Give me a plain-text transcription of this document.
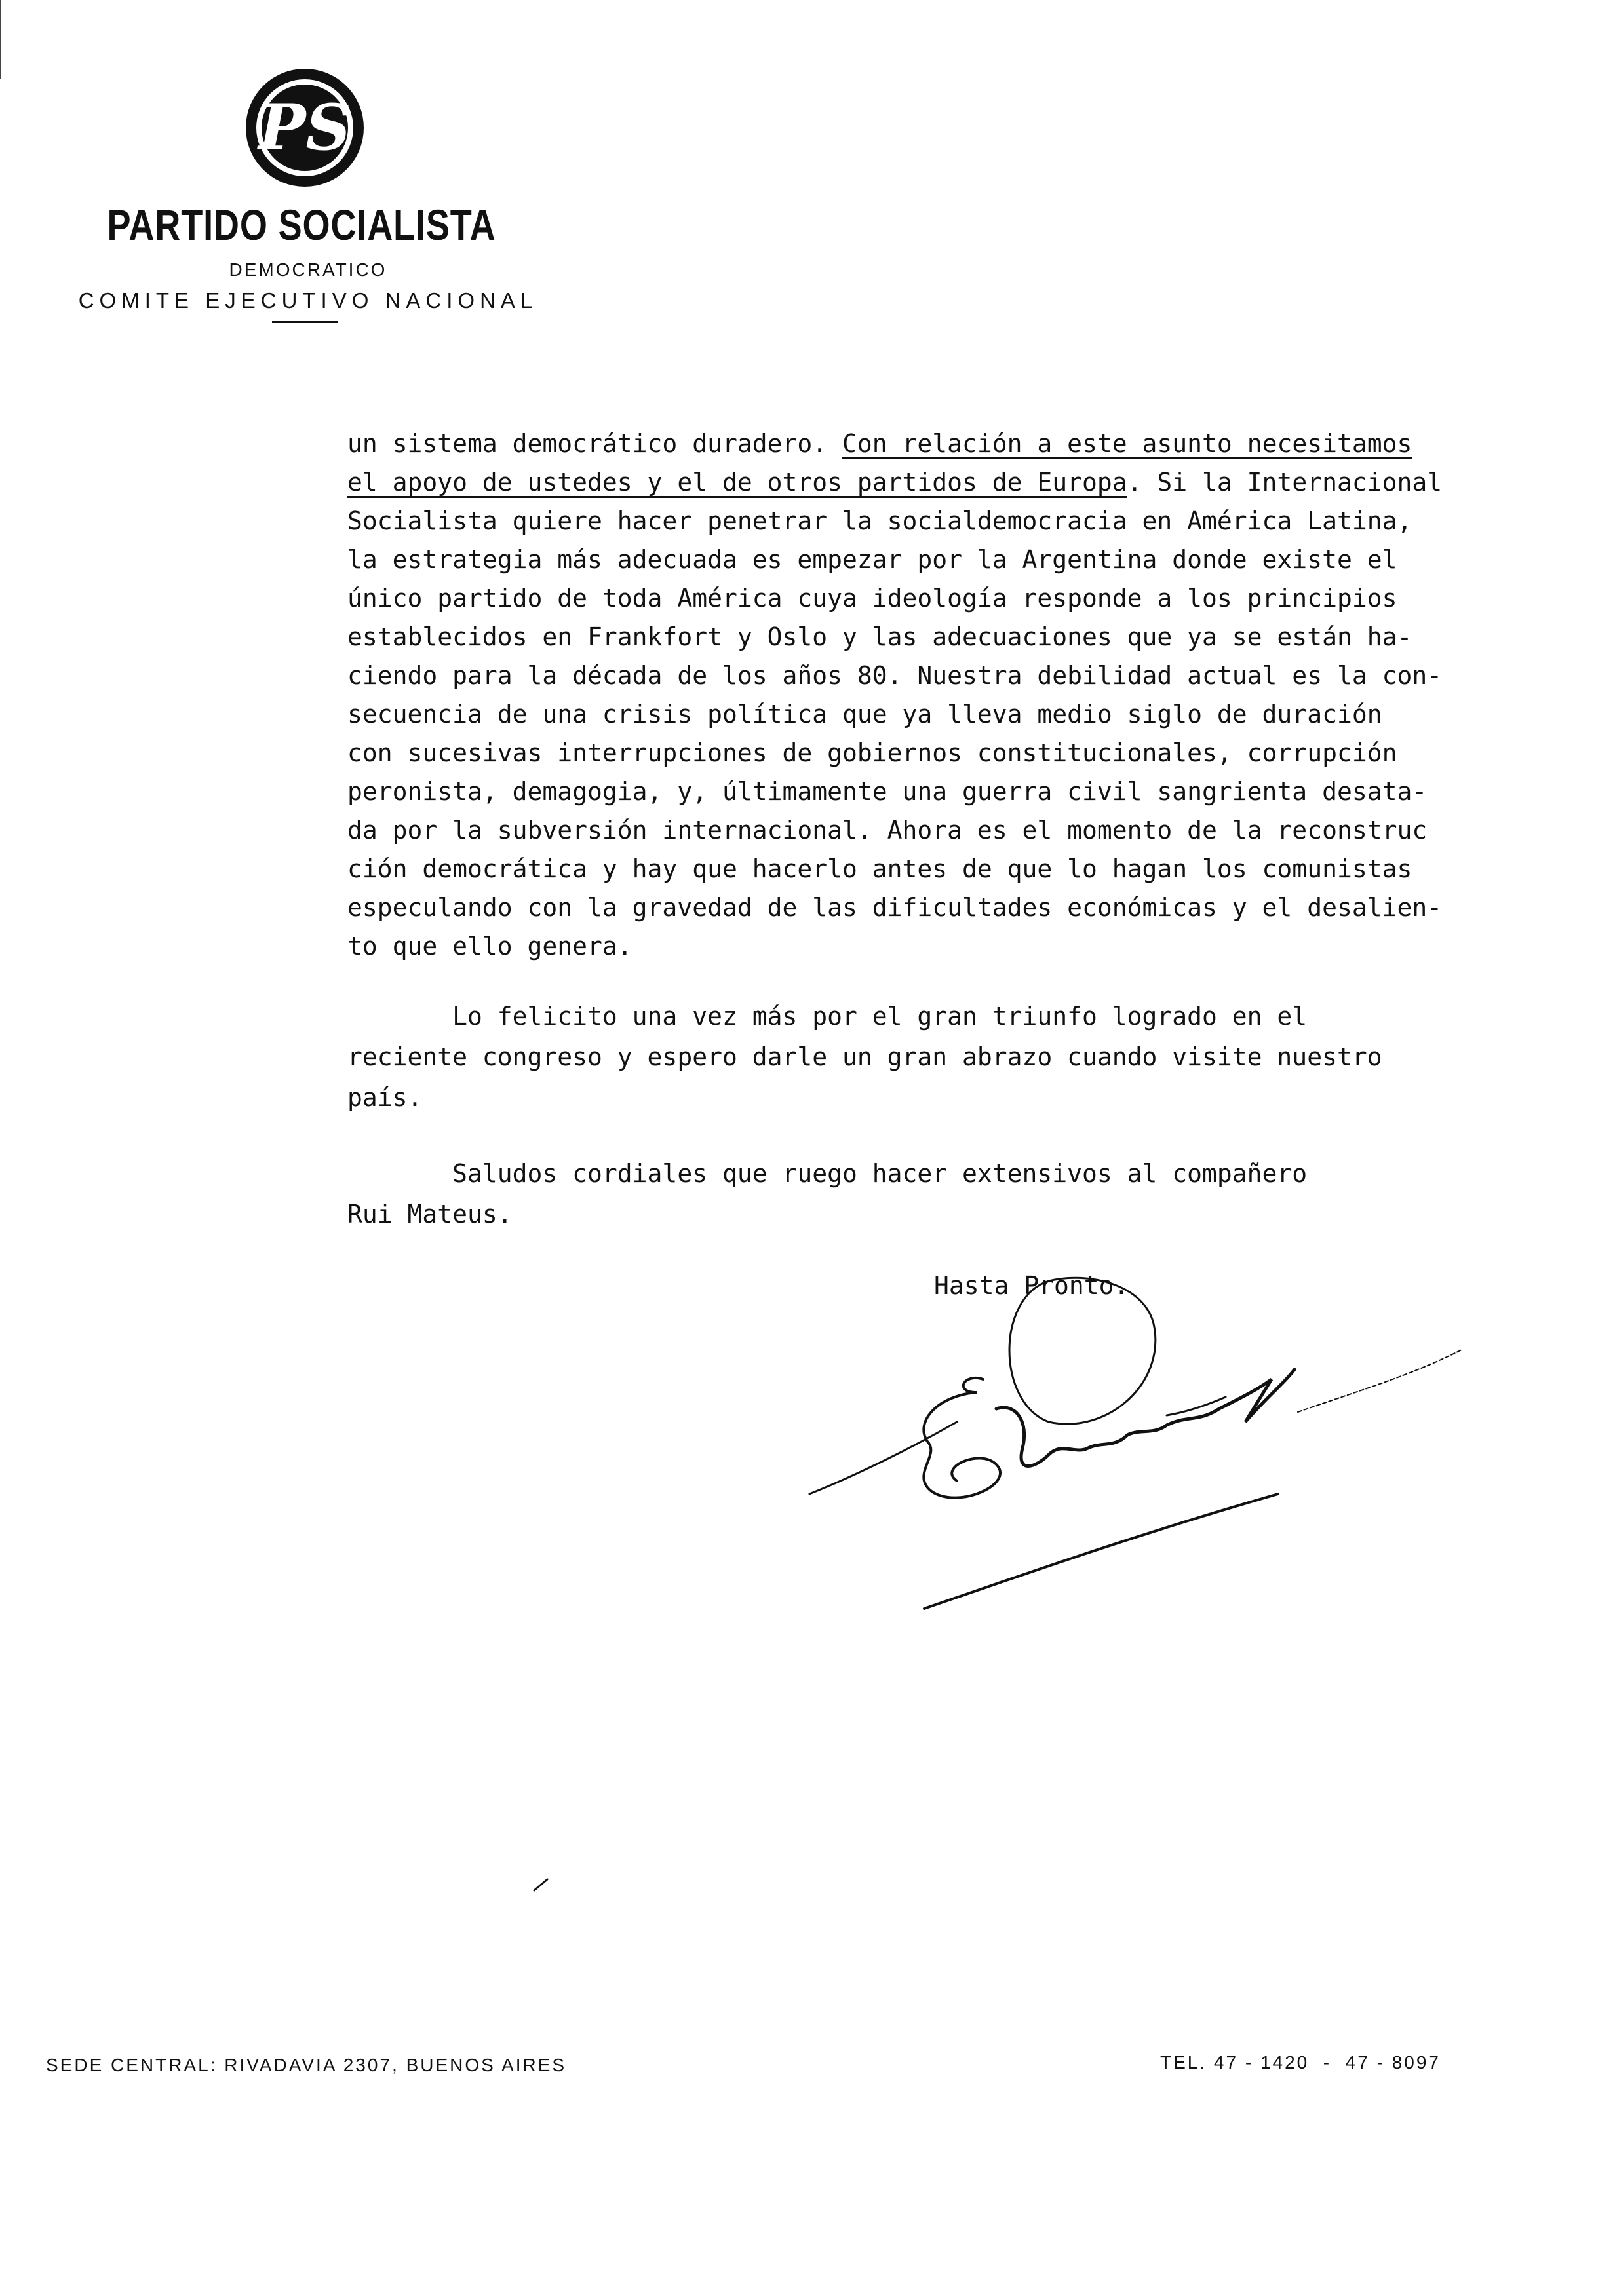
PS

PARTIDO SOCIALISTA

DEMOCRATICO

COMITE EJECUTIVO NACIONAL

un sistema democrático duradero. Con relación a este asunto necesitamos
el apoyo de ustedes y el de otros partidos de Europa. Si la Internacional
Socialista quiere hacer penetrar la socialdemocracia en América Latina,
la estrategia más adecuada es empezar por la Argentina donde existe el
único partido de toda América cuya ideología responde a los principios
establecidos en Frankfort y Oslo y las adecuaciones que ya se están ha-
ciendo para la década de los años 80. Nuestra debilidad actual es la con-
secuencia de una crisis política que ya lleva medio siglo de duración
con sucesivas interrupciones de gobiernos constitucionales, corrupción
peronista, demagogia, y, últimamente una guerra civil sangrienta desata-
da por la subversión internacional. Ahora es el momento de la reconstruc
ción democrática y hay que hacerlo antes de que lo hagan los comunistas
especulando con la gravedad de las dificultades económicas y el desalien-
to que ello genera.
Lo felicito una vez más por el gran triunfo logrado en el
reciente congreso y espero darle un gran abrazo cuando visite nuestro
país.
Saludos cordiales que ruego hacer extensivos al compañero
Rui Mateus.
Hasta Pronto.
SEDE CENTRAL: RIVADAVIA 2307, BUENOS AIRES	TEL. 47 - 1420  -  47 - 8097
